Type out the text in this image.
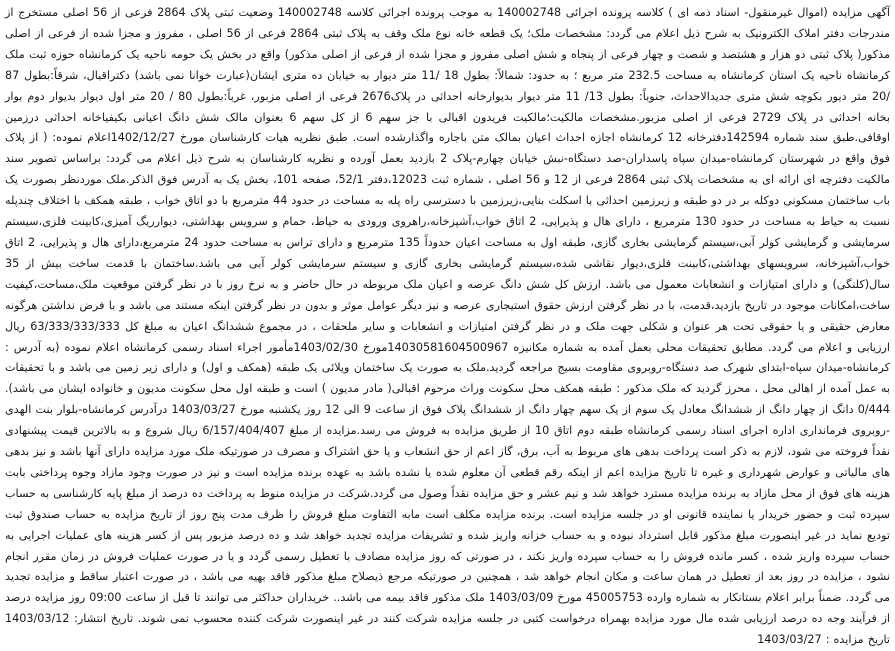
آگهی مزایده (اموال غیرمنقول- اسناد ذمه ای ) کلاسه پرونده اجرائی 140002748 به موجب پرونده اجرائی کلاسه 140002748 وضعیت ثبتی پلاک 2864 فرعی از 56 اصلی مستخرج از مندرجات دفتر املاک الکترونیک به شرح ذیل اعلام می گردد: مشخصات ملک؛ یک قطعه خانه نوع ملک وقف به پلاک ثبتی 2864 فرعی از 56 اصلی ، مفروز و مجزا شده از فرعی از اصلی مذکور( پلاک ثبتی دو هزار و هشتصد و شصت و چهار فرعی از پنجاه و شش اصلی مفروز و مجزا شده از فرعی از اصلی مذکور) واقع در بخش یک حومه ناحیه یک کرمانشاه حوزه ثبت ملک کرمانشاه ناحیه یک استان کرمانشاه به مساحت 232.5 متر مربع ؛ به حدود: شمالاً: بطول 18 /11 متر دیوار به خیابان ده متری ایشان(عبارت خوانا نمی باشد) دکتراقبال، شرقاً:بطول 87 /20 متر دیور بکوچه شش متری جدیدالاحداث، جنوباً: بطول 13/ 11 متر دیوار بدیوارخانه احداثی در پلاک2676 فرعی از اصلی مزبور، غرباً:بطول 80 / 20 متر اول دیوار بدیوار دوم بوار بخانه احداثی در پلاک 2729 فرعی از اصلی مزبور.مشخصات مالکیت؛مالکیت فریدون اقبالی با جز سهم 6 از کل سهم 6 بعنوان مالک شش دانگ اعیانی بکیفیاخانه احداثی درزمین اوقافی.طبق سند شماره 142594دفترخانه 12 کرمانشاه اجازه احداث اعیان بمالک متن باجاره واگذارشده است. طبق نظریه هیات کارشناسان مورخ 1402/12/27اعلام نموده: ( از پلاک فوق واقع در شهرستان کرمانشاه-میدان سپاه پاسداران-صد دستگاه-نبش خیابان چهارم-پلاک 2 بازدید بعمل آورده و نظریه کارشناسان به شرح ذیل اعلام می گردد: براساس تصویر سند مالکیت دفترچه ای ارائه ای به مشخصات پلاک ثبتی 2864 فرعی از 12 و 56 اصلی ، شماره ثبت 12023،دفتر 52/1، صفحه 101، بخش یک به آدرس فوق الذکر.ملک موردنظر بصورت یک باب ساختمان مسکونی دوکله بر در دو طبقه و زیرزمین احداثی با اسکلت بنایی،زیرزمین با دسترسی راه پله به مساحت در حدود 44 مترمربع با دو اتاق خواب ، طبقه همکف با اختلاف چندپله نسبت به حیاط به مساحت در حدود 130 مترمربع ، دارای هال و پذیرایی، 2 اتاق خواب،آشپزخانه،راهروی ورودی به حیاط، حمام و سرویس بهداشتی، دیوارریگ آمیزی،کابینت فلزی،سیستم سرمایشی و گرمایشی کولر آبی،سیستم گرمایشی بخاری گازی، طبقه اول به مساحت اعیان حدوداً 135 مترمربع و دارای تراس به مساحت حدود 24 مترمربع،دارای هال و پذیرایی، 2 اتاق خواب،آشپزخانه، سرویسهای بهداشتی،کابینت فلزی،دیوار نقاشی شده،سیستم گرمایشی بخاری گازی و سیستم سرمایشی کولر آبی می باشد.ساختمان با قدمت ساخت بیش از 35 سال(کلنگی) و دارای امتیازات و انشعابات معمول می باشد. ارزش کل شش دانگ عرصه و اعیان ملک مربوطه در حال حاضر و به نرخ روز با در نظر گرفتن موقعیت ملک،مساحت،کیفیت ساخت،امکانات موجود در تاریخ بازدید،قدمت، با در نظر گرفتن ارزش حقوق استیجاری عرصه و نیز دیگر عوامل موثر و بدون در نظر گرفتن اینکه مستند می باشد و با فرض نداشتن هرگونه معارض حقیقی و یا حقوقی تحت هر عنوان و شکلی جهت ملک و در نظر گرفتن امتیازات و انشعابات و سایر ملحقات ، در مجموع ششدانگ اعیان به مبلغ کل 63/333/333/333 ریال ارزیابی و اعلام می گردد. مطابق تحقیقات محلی بعمل آمده به شماره مکانیزه 14030581604500967مورخ 1403/02/30مأمور اجراء اسناد رسمی کرمانشاه اعلام نموده (به آدرس : کرمانشاه-میدان سپاه-ابتدای شهرک صد دستگاه-روبروی مقاومت بسیج مراجعه گردید.ملک به صورت یک ساختمان ویلائی یک طبقه (همکف و اول) و دارای زیر زمین می باشد و با تحقیقات به عمل آمده از اهالی محل ، محرز گردید که ملک مذکور : طبقه همکف محل سکونت وراث مرحوم اقبالی( مادر مدیون ) است و طبقه اول محل سکونت مدیون و خانواده ایشان می باشد). 0/444 دانگ از چهار دانگ از ششدانگ معادل یک سوم از یک سهم چهار دانگ از ششدانگ پلاک فوق از ساعت 9 الی 12 روز یکشنبه مورخ 1403/03/27 درآدرس کرمانشاه-بلوار بنت الهدی -روبروی فرمانداری اداره اجرای اسناد رسمی کرمانشاه طبقه دوم اتاق 10 از طریق مزایده به فروش می رسد.مزایده از مبلغ 6/157/404/407 ریال شروع و به بالاترین قیمت پیشنهادی نقداً فروخته می شود، لازم به ذکر است پرداخت بدهی های مربوط به آب، برق، گاز اعم از حق انشعاب و یا حق اشتراک و مصرف در صورتیکه ملک مورد مزایده دارای آنها باشد و نیز بدهی های مالیاتی و عوارض شهرداری و غیره تا تاریخ مزایده اعم از اینکه رقم قطعی آن معلوم شده یا نشده باشد به عهده برنده مزایده است و نیز در صورت وجود مازاد وجوه پرداختی بابت هزینه های فوق از محل مازاد به برنده مزایده مسترد خواهد شد و نیم عشر و حق مزایده نقداً وصول می گردد.شرکت در مزایده منوط به پرداخت ده درصد از مبلغ پایه کارشناسی به حساب سپرده ثبت و حضور خریدار یا نماینده قانونی او در جلسه مزایده است. برنده مزایده مکلف است مابه التفاوت مبلغ فروش را ظرف مدت پنج روز از تاریخ مزایده به حساب صندوق ثبت تودیع نماید در غیر اینصورت مبلغ مذکور قابل استرداد نبوده و به حساب خزانه واریز شده و تشریفات مزایده تجدید خواهد شد و ده درصد مزبور پس از کسر هزینه های عملیات اجرایی به حساب سپرده واریز شده ، کسر مانده فروش را به حساب سپرده واریز نکند ، در صورتی که روز مزایده مصادف با تعطیل رسمی گردد و یا در صورت عملیات فروش در زمان مقرر انجام نشود ، مزایده در روز بعد از تعطیل در همان ساعت و مکان انجام خواهد شد ، همچنین در صورتیکه مرجع ذیصلاح مبلغ مذکور فاقد بهیه می باشد ، در صورت اعتبار ساقط و مزایده تجدید می گردد. ضمناً برابر اعلام بستانکار به شماره وارده 45005753 مورخ 1403/03/09 ملک مذکور فاقد بیمه می باشد.. خریداران حداکثر می توانند تا قبل از ساعت 09:00 روز مزایده درصد از فرآیند وجه ده درصد ارزیابی شده مال مورد مزایده بهمراه درخواست کتبی در جلسه مزایده شرکت کنند در غیر اینصورت شرکت کننده محسوب نمی شوند. تاریخ انتشار: 1403/03/12 تاریخ مزایده : 1403/03/27
